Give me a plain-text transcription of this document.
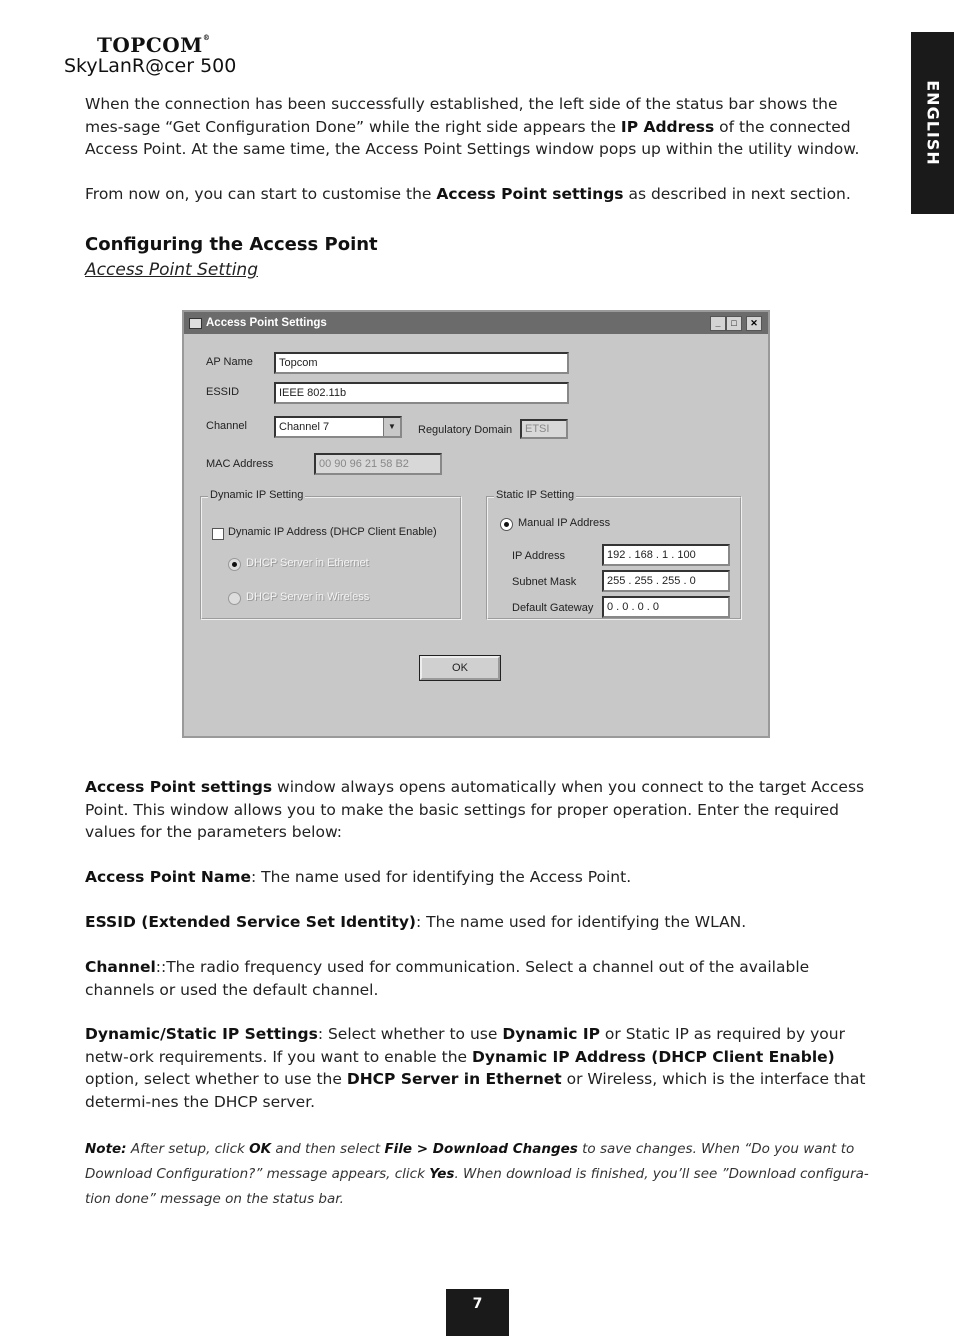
TOPCOM®
SkyLanR@cer 500
ENGLISH
When the connection has been successfully established, the left side of the status bar shows the mes-sage “Get Configuration Done” while the right side appears the IP Address of the connected Access Point. At the same time, the Access Point Settings window pops up within the utility window.
From now on, you can start to customise the Access Point settings as described in next section.
Configuring the Access Point
Access Point Setting
Access Point Settings	_	□	✕
AP Name	Topcom
ESSID	IEEE 802.11b
Channel	Channel 7	▼	Regulatory Domain	ETSI
MAC Address	00 90 96 21 58 B2
Dynamic IP Setting
Dynamic IP Address (DHCP Client Enable)
DHCP Server in Ethernet
DHCP Server in Wireless
Static IP Setting
Manual IP Address
IP Address	192 . 168 . 1 . 100
Subnet Mask	255 . 255 . 255 . 0
Default Gateway	0 . 0 . 0 . 0
OK
Access Point settings window always opens automatically when you connect to the target Access Point. This window allows you to make the basic settings for proper operation. Enter the required values for the parameters below:
Access Point Name: The name used for identifying the Access Point.
ESSID (Extended Service Set Identity): The name used for identifying the WLAN.
Channel::The radio frequency used for communication. Select a channel out of the available channels or used the default channel.
Dynamic/Static IP Settings: Select whether to use Dynamic IP or Static IP as required by your netw-ork requirements. If you want to enable the Dynamic IP Address (DHCP Client Enable) option, select whether to use the DHCP Server in Ethernet or Wireless, which is the interface that determi-nes the DHCP server.
Note: After setup, click OK and then select File > Download Changes to save changes. When “Do you want to Download Configuration?” message appears, click Yes. When download is finished, you’ll see ”Download configura-tion done” message on the status bar.
7
